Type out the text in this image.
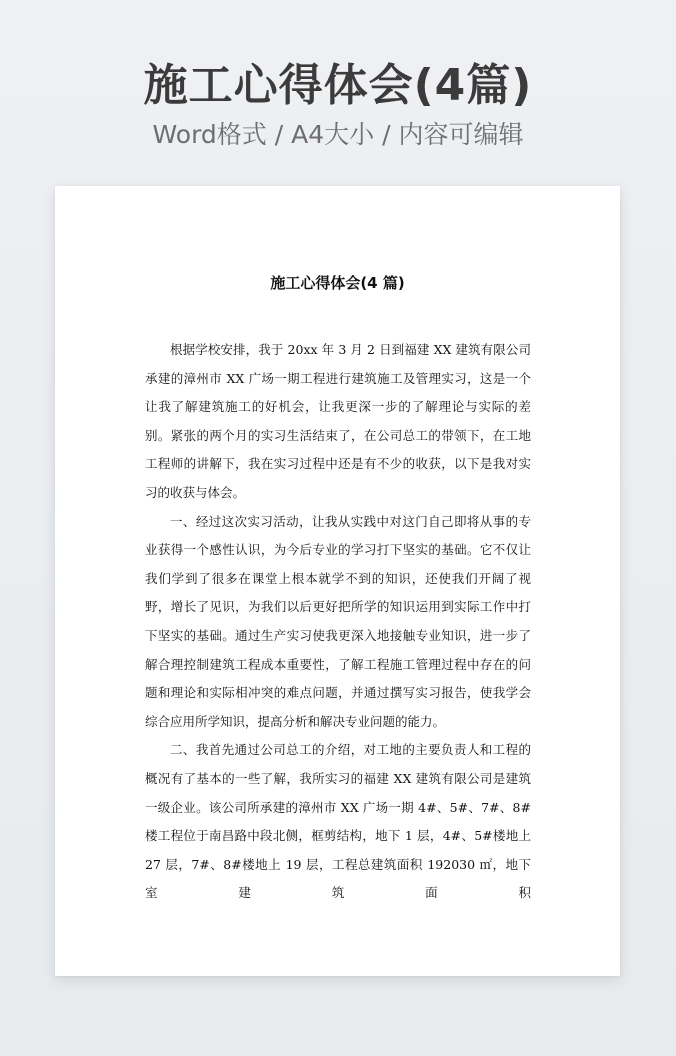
施工心得体会(4篇)
Word格式 / A4大小 / 内容可编辑
施工心得体会(4 篇)

根据学校安排，我于 20xx 年 3 月 2 日到福建 XX 建筑有限公司承建的漳州市 XX 广场一期工程进行建筑施工及管理实习，这是一个让我了解建筑施工的好机会，让我更深一步的了解理论与实际的差别。紧张的两个月的实习生活结束了，在公司总工的带领下，在工地工程师的讲解下，我在实习过程中还是有不少的收获，以下是我对实习的收获与体会。

一、经过这次实习活动，让我从实践中对这门自己即将从事的专业获得一个感性认识，为今后专业的学习打下坚实的基础。它不仅让我们学到了很多在课堂上根本就学不到的知识，还使我们开阔了视野，增长了见识，为我们以后更好把所学的知识运用到实际工作中打下坚实的基础。通过生产实习使我更深入地接触专业知识，进一步了解合理控制建筑工程成本重要性，了解工程施工管理过程中存在的问题和理论和实际相冲突的难点问题，并通过撰写实习报告，使我学会综合应用所学知识，提高分析和解决专业问题的能力。

二、我首先通过公司总工的介绍，对工地的主要负责人和工程的概况有了基本的一些了解，我所实习的福建 XX 建筑有限公司是建筑一级企业。该公司所承建的漳州市 XX 广场一期 4#、5#、7#、8#楼工程位于南昌路中段北侧，框剪结构，地下 1 层，4#、5#楼地上 27 层，7#、8#楼地上 19 层，工程总建筑面积 192030 ㎡，地下室建筑面积
